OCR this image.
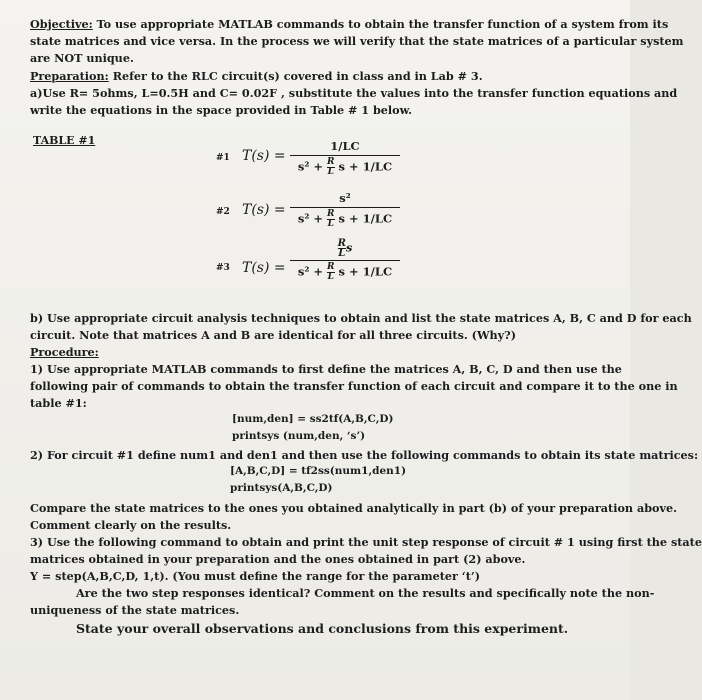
Objective: To use appropriate MATLAB commands to obtain the transfer function of a system from its
state matrices and vice versa. In the process we will verify that the state matrices of a particular system
are NOT unique.
Preparation: Refer to the RLC circuit(s) covered in class and in Lab # 3.
a)Use R= 5ohms, L=0.5H and C= 0.02F , substitute the values into the transfer function equations and
write the equations in the space provided in Table # 1 below.
TABLE #1
#1 T(s) =
1/LC
$s^2 + \frac{R}{L}$ s + 1/LC
#2 T(s) =
s²
$s^2 + \frac{R}{L}$ s + 1/LC
#3 T(s) =
$\frac{R}{L}$ s
$s^2 + \frac{R}{L}$ s + 1/LC
b) Use appropriate circuit analysis techniques to obtain and list the state matrices A, B, C and D for each
circuit. Note that matrices A and B are identical for all three circuits. (Why?)
Procedure:
1) Use appropriate MATLAB commands to first define the matrices A, B, C, D and then use the
following pair of commands to obtain the transfer function of each circuit and compare it to the one in
table #1:
[num,den] = ss2tf(A,B,C,D)
printsys (num,den, ‘s’)
2) For circuit #1 define num1 and den1 and then use the following commands to obtain its state matrices:
[A,B,C,D] = tf2ss(num1,den1)
printsys(A,B,C,D)
Compare the state matrices to the ones you obtained analytically in part (b) of your preparation above.
Comment clearly on the results.
3) Use the following command to obtain and print the unit step response of circuit # 1 using first the state
matrices obtained in your preparation and the ones obtained in part (2) above.
Y = step(A,B,C,D, 1,t). (You must define the range for the parameter ‘t’)
Are the two step responses identical? Comment on the results and specifically note the non-
uniqueness of the state matrices.
State your overall observations and conclusions from this experiment.
